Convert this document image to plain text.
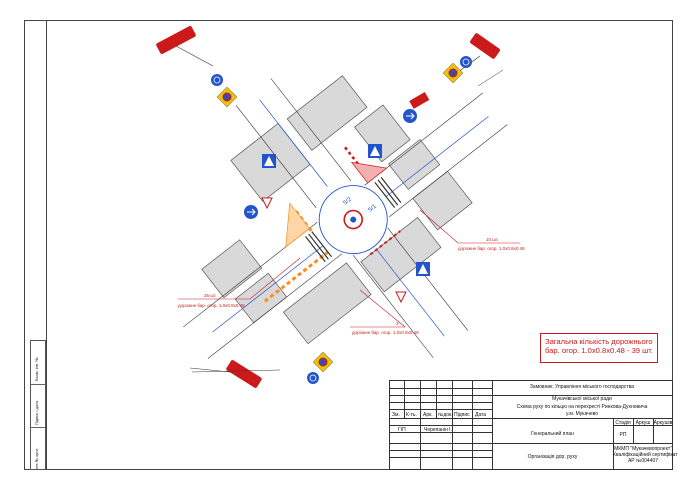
Інв.№ ориг.
Підпис і дата
Взам. інв. №
5/2
5/1
26 шт.
дорожне бар. огор. 1.0х0.8х0.48
10 шт.
дорожне бар. огор. 1.0х0.8х0.48
3
дорожне бар. огор. 1.0х0.8х0.48
Загальна кількість дорожнього
бар. огор. 1.0х0.8х0.48 - 39 шт.
Зм. К-ть. Арк. №док. Підпис Дата
ГІП	Черепанін І.
Замовник: Управління міського господарства
Мукачівської міської ради
Схема руху по кільцю на перехресті Ринкова-Духновича
у.м. Мукачево
Генеральний план
Стадія Аркуш Аркушів
РП
Організація дор. руху
МКМП "Мукачевопроект"
Кваліфікаційний сертифікат
АР №004407
